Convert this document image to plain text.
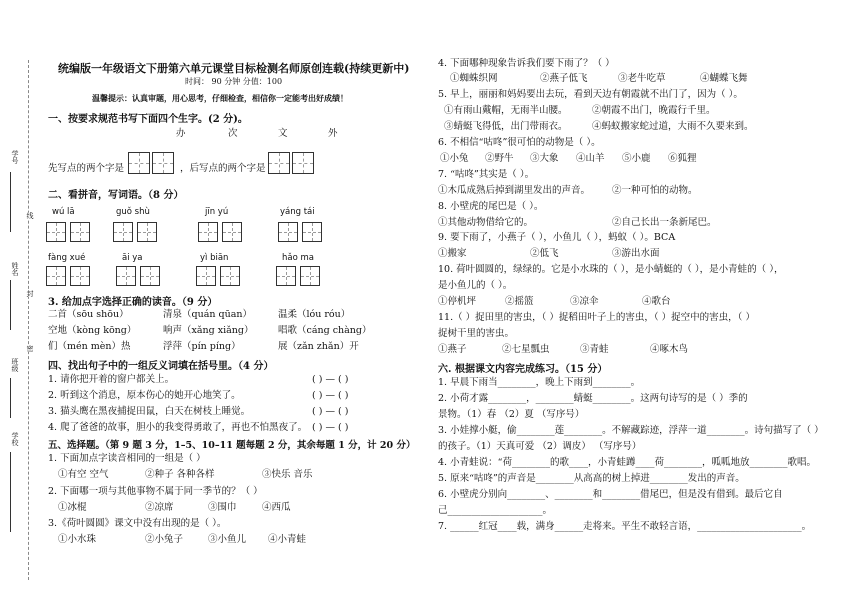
学号
姓名
班级
学校
线
封
密
统编版一年级语文下册第六单元课堂目标检测名师原创连载(持续更新中)
时间： 90 分钟 分值：100
温馨提示：认真审题，用心思考，仔细检查，相信你一定能考出好成绩！
一、按要求规范书写下面四个生字。(2 分)。
办	次	文	外
先写点的两个字是	，后写点的两个字是
二、看拼音，写词语。（8 分）
wú lā	guǒ shù	jīn yú	yáng tái
fàng xué	āi ya	yì biān	hǎo ma
3. 给加点字选择正确的读音。（9 分）
二首（sōu shōu）	清泉（quán qūan）	温柔（lóu róu）
空地（kòng kōng）	响声（xǎng xiǎng）	唱歌（cáng chàng）
们（mén mèn）热	浮萍（pín píng）	展（zǎn zhǎn）开
四、找出句子中的一组反义词填在括号里。（4 分）
1. 请你把开着的窗户都关上。	( ) — ( )
2. 听到这个消息，原本伤心的她开心地笑了。	( ) — ( )
3. 猫头鹰在黑夜捕捉田鼠，白天在树枝上睡觉。	( ) — ( )
4. 爬了爸爸的故事，胆小的我变得勇敢了，再也不怕黑夜了。 ( ) — ( )
五、选择题。（第 9 题 3 分，1–5、10–11 题每题 2 分，其余每题 1 分，计 20 分）
1. 下面加点字读音相同的一组是（ ）
①有空 空气	②种子 各种各样	③快乐 音乐
2. 下面哪一项与其他事物不属于同一季节的？（ ）
①冰棍	②凉席	③围巾	④西瓜
3.《荷叶圆圆》课文中没有出现的是（ ）。
①小水珠	②小兔子	③小鱼儿 ④小青蛙
4. 下面哪种现象告诉我们要下雨了？（ ）
①蜘蛛织网	②燕子低飞	③老牛吃草	④蝴蝶飞舞
5. 早上，丽丽和妈妈要出去玩，看到天边有朝霞就不出门了，因为（ ）。
①有雨山戴帽，无雨半山腰。	②朝霞不出门，晚霞行千里。
③蜻蜓飞得低，出门带雨衣。	④蚂蚁搬家蛇过道，大雨不久要来到。
6. 不相信“咕咚”很可怕的动物是（ ）。
①小兔 ②野牛 ③大象 ④山羊 ⑤小鹿 ⑥狐狸
7. “咕咚”其实是（ ）。
①木瓜成熟后掉到湖里发出的声音。 ②一种可怕的动物。
8. 小壁虎的尾巴是（ ）。
①其他动物借给它的。	②自己长出一条新尾巴。
9. 要下雨了，小燕子（ ），小鱼儿（ ），蚂蚁（ ）。BCA
①搬家	②低飞	③游出水面
10. 荷叶圆圆的，绿绿的。它是小水珠的（ ），是小蜻蜓的（ ），是小青蛙的（ ），
是小鱼儿的（ ）。
①停机坪	②摇篮	③凉伞	④歌台
11.（ ）捉田里的害虫，（ ）捉稻田叶子上的害虫，（ ）捉空中的害虫，（ ）
捉树干里的害虫。
①燕子	②七星瓢虫	③青蛙	④啄木鸟
六. 根据课文内容完成练习。（15 分）
1. 早晨下雨当________，晚上下雨到________。
2. 小荷才露________，________蜻蜓________。这两句诗写的是（ ）季的
景物。（1）春 （2）夏 （写序号）
3. 小娃撑小艇，偷________莲________。不解藏踪迹，浮萍一道________。诗句描写了（ ）
的孩子。（1）天真可爱 （2）调皮） （写序号）
4. 小青蛙说：“荷________的歌____，小青蛙蹲____荷________，呱呱地放________歌唱。
5. 原来“咕咚”的声音是________从高高的树上掉进________发出的声音。
6. 小壁虎分别向________、________和________借尾巴，但是没有借到。最后它自
己____________________。
7. ______红冠____载，满身______走将来。平生不敢轻言语，______________________。
